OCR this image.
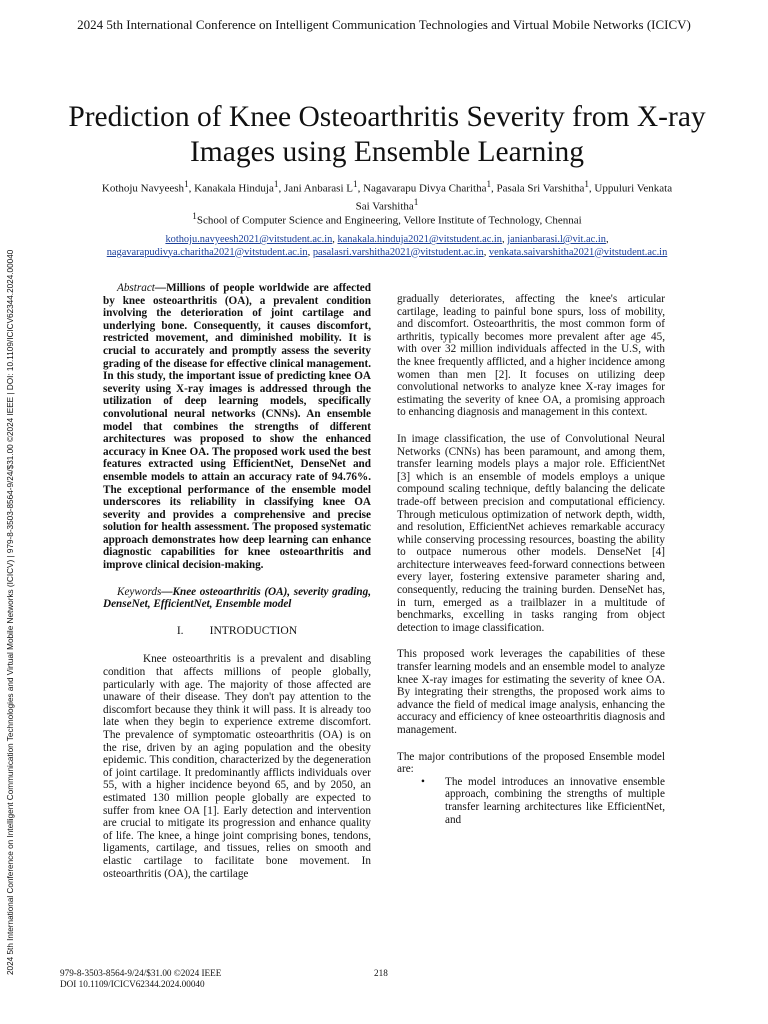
2024 5th International Conference on Intelligent Communication Technologies and Virtual Mobile Networks (ICICV)
2024 5th International Conference on Intelligent Communication Technologies and Virtual Mobile Networks (ICICV) | 979-8-3503-8564-9/24/$31.00 ©2024 IEEE | DOI: 10.1109/ICICV62344.2024.00040
Prediction of Knee Osteoarthritis Severity from X-ray Images using Ensemble Learning
Kothoju Navyeesh$^1$, Kanakala Hinduja$^1$, Jani Anbarasi $L^1$, Nagavarapu Divya Charitha$^1$, Pasala Sri Varshitha$^1$, Uppuluri Venkata Sai Varshitha$^1$
$^1$School of Computer Science and Engineering, Vellore Institute of Technology, Chennai
kothoju.navyeesh2021@vitstudent.ac.in, kanakala.hinduja2021@vitstudent.ac.in, janianbarasi.l@vit.ac.in, nagavarapudivya.charitha2021@vitstudent.ac.in, pasalasri.varshitha2021@vitstudent.ac.in, venkata.saivarshitha2021@vitstudent.ac.in

Abstract—Millions of people worldwide are affected by knee osteoarthritis (OA), a prevalent condition involving the deterioration of joint cartilage and underlying bone. Consequently, it causes discomfort, restricted movement, and diminished mobility. It is crucial to accurately and promptly assess the severity grading of the disease for effective clinical management. In this study, the important issue of predicting knee OA severity using X-ray images is addressed through the utilization of deep learning models, specifically convolutional neural networks (CNNs). An ensemble model that combines the strengths of different architectures was proposed to show the enhanced accuracy in Knee OA. The proposed work used the best features extracted using EfficientNet, DenseNet and ensemble models to attain an accuracy rate of 94.76%. The exceptional performance of the ensemble model underscores its reliability in classifying knee OA severity and provides a comprehensive and precise solution for health assessment. The proposed systematic approach demonstrates how deep learning can enhance diagnostic capabilities for knee osteoarthritis and improve clinical decision-making.

Keywords—Knee osteoarthritis (OA), severity grading, DenseNet, EfficientNet, Ensemble model

I. INTRODUCTION

Knee osteoarthritis is a prevalent and disabling condition that affects millions of people globally, particularly with age. The majority of those affected are unaware of their disease. They don't pay attention to the discomfort because they think it will pass. It is already too late when they begin to experience extreme discomfort. The prevalence of symptomatic osteoarthritis (OA) is on the rise, driven by an aging population and the obesity epidemic. This condition, characterized by the degeneration of joint cartilage. It predominantly afflicts individuals over 55, with a higher incidence beyond 65, and by 2050, an estimated 130 million people globally are expected to suffer from knee OA [1]. Early detection and intervention are crucial to mitigate its progression and enhance quality of life. The knee, a hinge joint comprising bones, tendons, ligaments, cartilage, and tissues, relies on smooth and elastic cartilage to facilitate bone movement. In osteoarthritis (OA), the cartilage

gradually deteriorates, affecting the knee's articular cartilage, leading to painful bone spurs, loss of mobility, and discomfort. Osteoarthritis, the most common form of arthritis, typically becomes more prevalent after age 45, with over 32 million individuals affected in the U.S, with the knee frequently afflicted, and a higher incidence among women than men [2]. It focuses on utilizing deep convolutional networks to analyze knee X-ray images for estimating the severity of knee OA, a promising approach to enhancing diagnosis and management in this context.

In image classification, the use of Convolutional Neural Networks (CNNs) has been paramount, and among them, transfer learning models plays a major role. EfficientNet [3] which is an ensemble of models employs a unique compound scaling technique, deftly balancing the delicate trade-off between precision and computational efficiency. Through meticulous optimization of network depth, width, and resolution, EfficientNet achieves remarkable accuracy while conserving processing resources, boasting the ability to outpace numerous other models. DenseNet [4] architecture interweaves feed-forward connections between every layer, fostering extensive parameter sharing and, consequently, reducing the training burden. DenseNet has, in turn, emerged as a trailblazer in a multitude of benchmarks, excelling in tasks ranging from object detection to image classification.

This proposed work leverages the capabilities of these transfer learning models and an ensemble model to analyze knee X-ray images for estimating the severity of knee OA. By integrating their strengths, the proposed work aims to advance the field of medical image analysis, enhancing the accuracy and efficiency of knee osteoarthritis diagnosis and management.

The major contributions of the proposed Ensemble model are:

• The model introduces an innovative ensemble approach, combining the strengths of multiple transfer learning architectures like EfficientNet, and

979-8-3503-8564-9/24/$31.00 ©2024 IEEE
DOI 10.1109/ICICV62344.2024.00040
218
